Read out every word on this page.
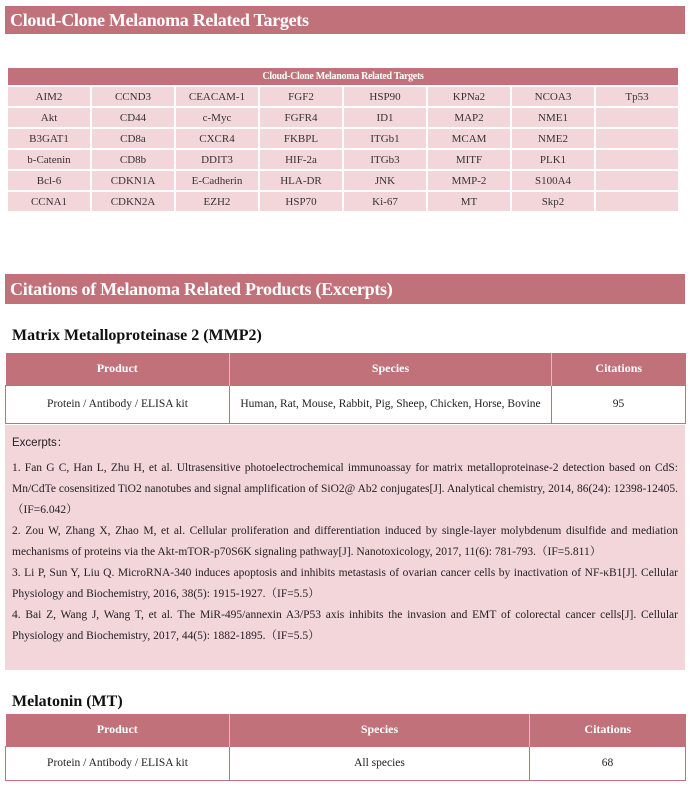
Cloud-Clone Melanoma Related Targets
Cloud-Clone Melanoma Related Targets							
AIM2	CCND3	CEACAM-1	FGF2	HSP90	KPNa2	NCOA3	Tp53
Akt	CD44	c-Myc	FGFR4	ID1	MAP2	NME1	
B3GAT1	CD8a	CXCR4	FKBPL	ITGb1	MCAM	NME2	
b-Catenin	CD8b	DDIT3	HIF-2a	ITGb3	MITF	PLK1	
Bcl-6	CDKN1A	E-Cadherin	HLA-DR	JNK	MMP-2	S100A4	
CCNA1	CDKN2A	EZH2	HSP70	Ki-67	MT	Skp2	
Citations of Melanoma Related Products (Excerpts)
Matrix Metalloproteinase 2 (MMP2)
Product	Species	Citations
Protein / Antibody / ELISA kit	Human, Rat, Mouse, Rabbit, Pig, Sheep, Chicken, Horse, Bovine	95
Excerpts：

1. Fan G C, Han L, Zhu H, et al. Ultrasensitive photoelectrochemical immunoassay for matrix metalloproteinase-2 detection based on CdS: Mn/CdTe cosensitized TiO2 nanotubes and signal amplification of SiO2@ Ab2 conjugates[J]. Analytical chemistry, 2014, 86(24): 12398-12405.（IF=6.042）

2. Zou W, Zhang X, Zhao M, et al. Cellular proliferation and differentiation induced by single-layer molybdenum disulfide and mediation mechanisms of proteins via the Akt-mTOR-p70S6K signaling pathway[J]. Nanotoxicology, 2017, 11(6): 781-793.（IF=5.811）

3. Li P, Sun Y, Liu Q. MicroRNA-340 induces apoptosis and inhibits metastasis of ovarian cancer cells by inactivation of NF-κB1[J]. Cellular Physiology and Biochemistry, 2016, 38(5): 1915-1927.（IF=5.5）

4. Bai Z, Wang J, Wang T, et al. The MiR-495/annexin A3/P53 axis inhibits the invasion and EMT of colorectal cancer cells[J]. Cellular Physiology and Biochemistry, 2017, 44(5): 1882-1895.（IF=5.5）

Melatonin (MT)
Product	Species	Citations
Protein / Antibody / ELISA kit	All species	68
